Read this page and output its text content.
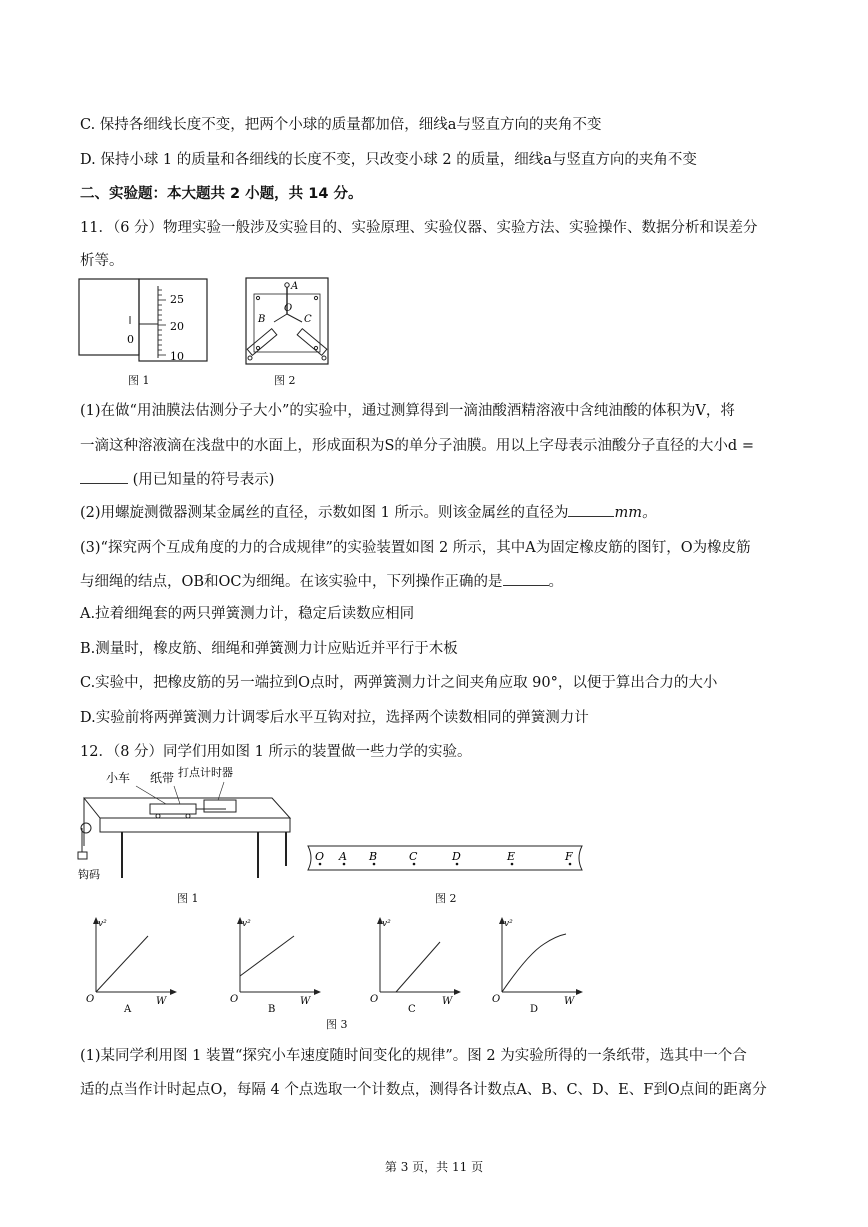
C. 保持各细线长度不变，把两个小球的质量都加倍，细线a与竖直方向的夹角不变
D. 保持小球 1 的质量和各细线的长度不变，只改变小球 2 的质量，细线a与竖直方向的夹角不变
二、实验题：本大题共 2 小题，共 14 分。
11．（6 分）物理实验一般涉及实验目的、实验原理、实验仪器、实验方法、实验操作、数据分析和误差分
析等。
25
20
10
0
图 1
A
O
B	C
图 2
(1)在做“用油膜法估测分子大小”的实验中，通过测算得到一滴油酸酒精溶液中含纯油酸的体积为V，将
一滴这种溶液滴在浅盘中的水面上，形成面积为S的单分子油膜。用以上字母表示油酸分子直径的大小d =
(用已知量的符号表示)
(2)用螺旋测微器测某金属丝的直径，示数如图 1 所示。则该金属丝的直径为	mm。
(3)“探究两个互成角度的力的合成规律”的实验装置如图 2 所示，其中A为固定橡皮筋的图钉，O为橡皮筋
与细绳的结点，OB和OC为细绳。在该实验中，下列操作正确的是	。
A.拉着细绳套的两只弹簧测力计，稳定后读数应相同
B.测量时，橡皮筋、细绳和弹簧测力计应贴近并平行于木板
C.实验中，把橡皮筋的另一端拉到O点时，两弹簧测力计之间夹角应取 90°，以便于算出合力的大小
D.实验前将两弹簧测力计调零后水平互钩对拉，选择两个读数相同的弹簧测力计
12．（8 分）同学们用如图 1 所示的装置做一些力学的实验。
小车 纸带 打点计时器
钩码
图 1
O A B	C	D	E	F
图 2
v²
W
O
A
v²
W
O
B
v²
W
O
C
v²
W
O
D
图 3
(1)某同学利用图 1 装置“探究小车速度随时间变化的规律”。图 2 为实验所得的一条纸带，选其中一个合
适的点当作计时起点O，每隔 4 个点选取一个计数点，测得各计数点A、B、C、D、E、F到O点间的距离分
第 3 页，共 11 页
